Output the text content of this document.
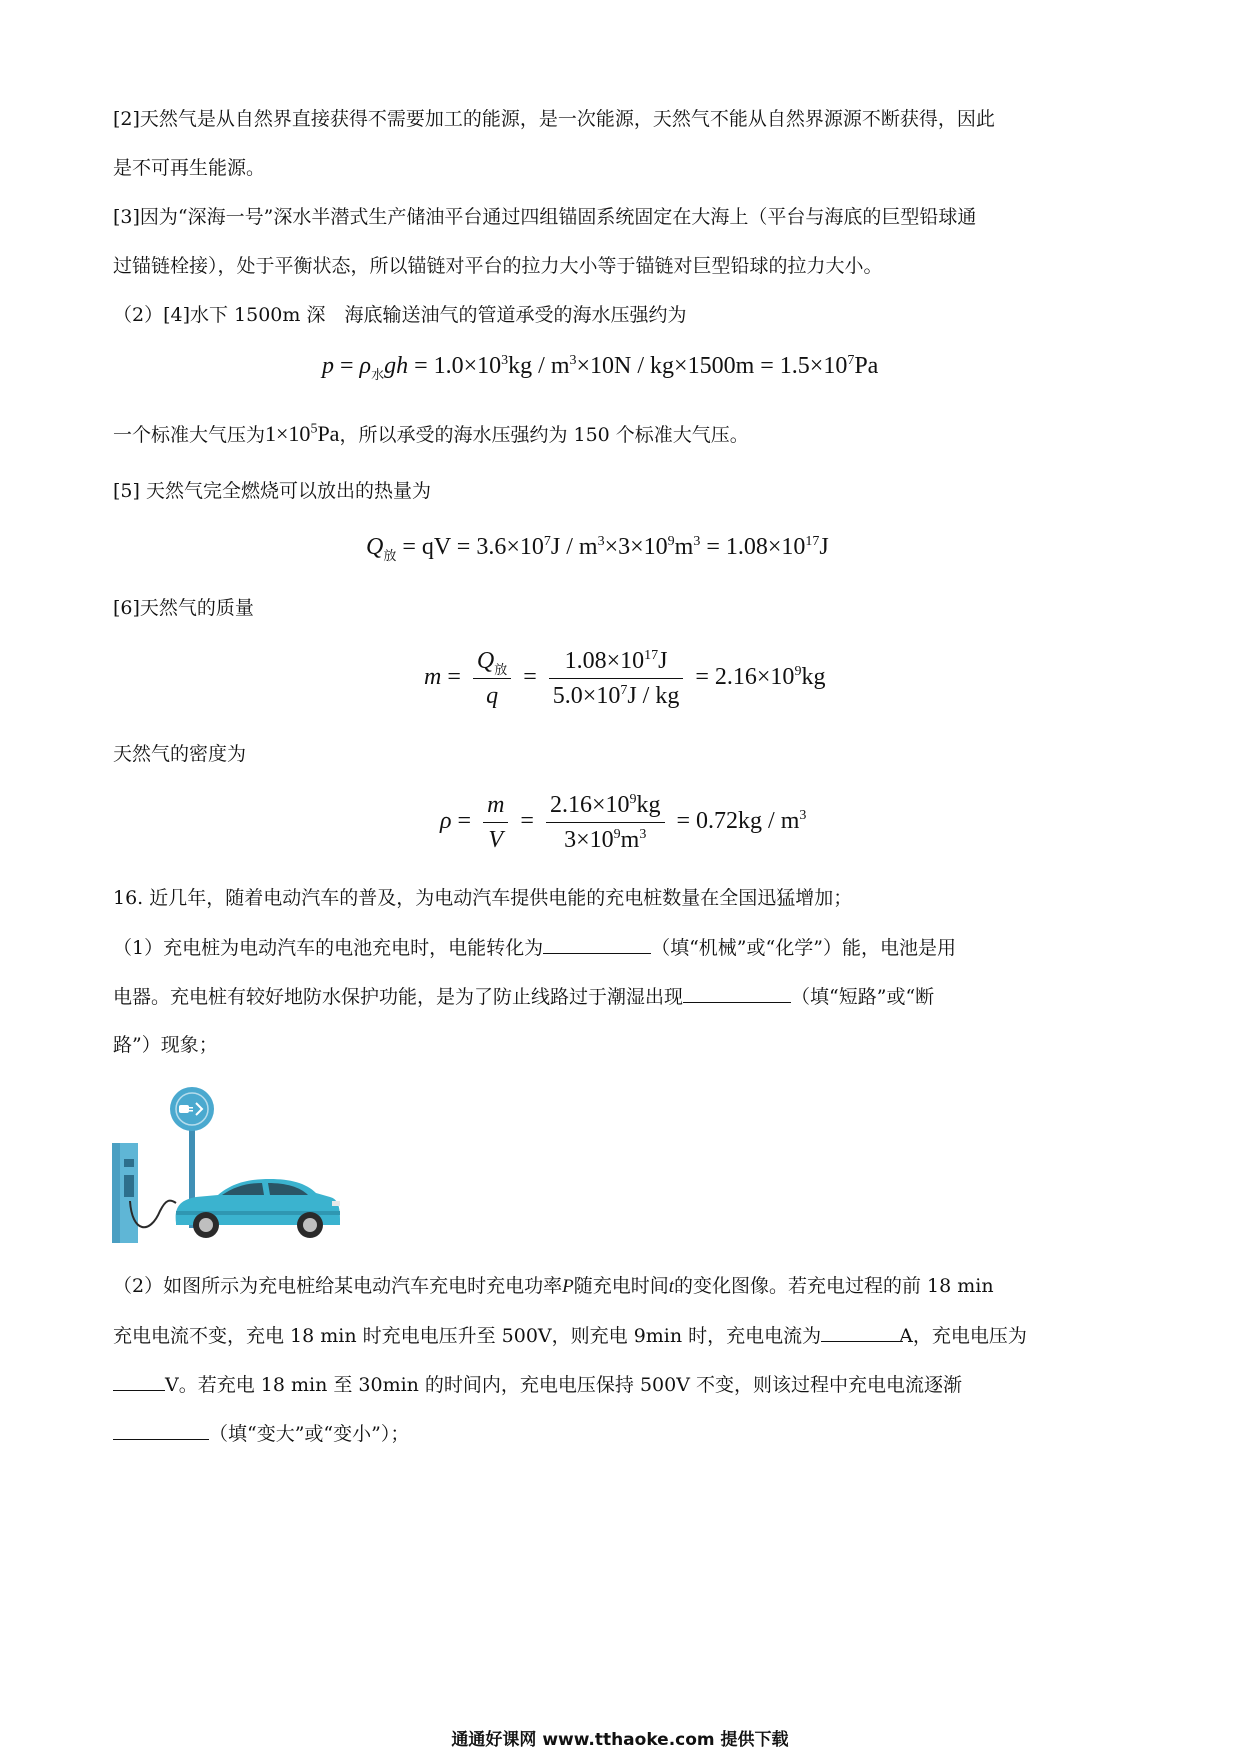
[2]天然气是从自然界直接获得不需要加工的能源，是一次能源，天然气不能从自然界源源不断获得，因此
是不可再生能源。
[3]因为“深海一号”深水半潜式生产储油平台通过四组锚固系统固定在大海上（平台与海底的巨型铅球通
过锚链栓接），处于平衡状态，所以锚链对平台的拉力大小等于锚链对巨型铅球的拉力大小。
（2）[4]水下 1500m 深　海底输送油气的管道承受的海水压强约为
$p = \rho_水gh = 1.0\times 10^3kg / m^3\times 10N / kg\times 1500m = 1.5\times 10^7Pa$
一个标准大气压为$1\times 10^5Pa$，所以承受的海水压强约为 150 个标准大气压。
[5] 天然气完全燃烧可以放出的热量为
$Q_放$ = qV = $3.6\times 10^7J / m^3\times 3\times 10^9m^3 = 1.08\times 10^{17}J$
[6]天然气的质量
$m = \frac{Q_放}{q} = \frac{1.08\times 10^{17}J}{5.0\times 10^7J / kg} = 2.16\times 10^9kg$
天然气的密度为
$\rho = \frac{m}{V} = \frac{2.16\times 10^9kg}{3\times 10^9m^3} = 0.72kg / m^3$
16. 近几年，随着电动汽车的普及，为电动汽车提供电能的充电桩数量在全国迅猛增加；
（1）充电桩为电动汽车的电池充电时，电能转化为	（填“机械”或“化学”）能，电池是用
电器。充电桩有较好地防水保护功能，是为了防止线路过于潮湿出现	（填“短路”或“断
路”）现象；
（2）如图所示为充电桩给某电动汽车充电时充电功率P随充电时间t的变化图像。若充电过程的前 18 min
充电电流不变，充电 18 min 时充电电压升至 500V，则充电 9min 时，充电电流为	A，充电电压为
V。若充电 18 min 至 30min 的时间内，充电电压保持 500V 不变，则该过程中充电电流逐渐
（填“变大”或“变小”）；
通通好课网 www.tthaoke.com 提供下载
